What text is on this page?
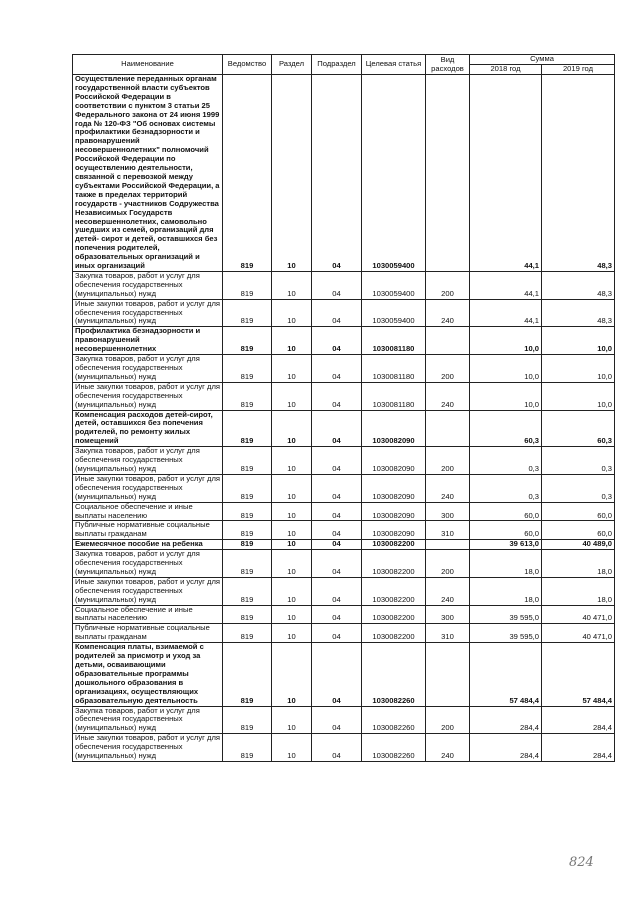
Наименование	Ведомство	Раздел	Подраздел	Целевая статья	Вид расходов	Сумма	
						2018 год	2019 год
Осуществление переданных органам государственной власти субъектов Российской Федерации в соответствии с пунктом 3 статьи 25 Федерального закона от 24 июня 1999 года № 120-ФЗ "Об основах системы профилактики безнадзорности и правонарушений несовершеннолетних" полномочий Российской Федерации по осуществлению деятельности, связанной с перевозкой между субъектами Российской Федерации, а также в пределах территорий государств - участников Содружества Независимых Государств несовершеннолетних, самовольно ушедших из семей, организаций для детей- сирот и детей, оставшихся без попечения родителей, образовательных организаций и иных организаций	819	10	04	1030059400		44,1	48,3
Закупка товаров, работ и услуг для обеспечения государственных (муниципальных) нужд	819	10	04	1030059400	200	44,1	48,3
Иные закупки товаров, работ и услуг для обеспечения государственных (муниципальных) нужд	819	10	04	1030059400	240	44,1	48,3
Профилактика безнадзорности и правонарушений несовершеннолетних	819	10	04	1030081180		10,0	10,0
Закупка товаров, работ и услуг для обеспечения государственных (муниципальных) нужд	819	10	04	1030081180	200	10,0	10,0
Иные закупки товаров, работ и услуг для обеспечения государственных (муниципальных) нужд	819	10	04	1030081180	240	10,0	10,0
Компенсация расходов детей-сирот, детей, оставшихся без попечения родителей, по ремонту жилых помещений	819	10	04	1030082090		60,3	60,3
Закупка товаров, работ и услуг для обеспечения государственных (муниципальных) нужд	819	10	04	1030082090	200	0,3	0,3
Иные закупки товаров, работ и услуг для обеспечения государственных (муниципальных) нужд	819	10	04	1030082090	240	0,3	0,3
Социальное обеспечение и иные выплаты населению	819	10	04	1030082090	300	60,0	60,0
Публичные нормативные социальные выплаты гражданам	819	10	04	1030082090	310	60,0	60,0
Ежемесячное пособие на ребенка	819	10	04	1030082200		39 613,0	40 489,0
Закупка товаров, работ и услуг для обеспечения государственных (муниципальных) нужд	819	10	04	1030082200	200	18,0	18,0
Иные закупки товаров, работ и услуг для обеспечения государственных (муниципальных) нужд	819	10	04	1030082200	240	18,0	18,0
Социальное обеспечение и иные выплаты населению	819	10	04	1030082200	300	39 595,0	40 471,0
Публичные нормативные социальные выплаты гражданам	819	10	04	1030082200	310	39 595,0	40 471,0
Компенсация платы, взимаемой с родителей за присмотр и уход за детьми, осваивающими образовательные программы дошкольного образования в организациях, осуществляющих образовательную деятельность	819	10	04	1030082260		57 484,4	57 484,4
Закупка товаров, работ и услуг для обеспечения государственных (муниципальных) нужд	819	10	04	1030082260	200	284,4	284,4
Иные закупки товаров, работ и услуг для обеспечения государственных (муниципальных) нужд	819	10	04	1030082260	240	284,4	284,4
824
